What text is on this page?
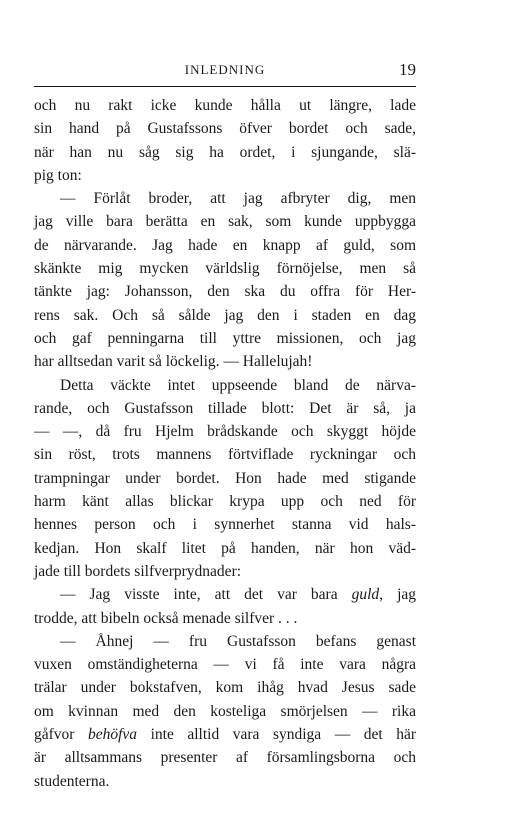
INLEDNING	19
och nu rakt icke kunde hålla ut längre, lade
sin hand på Gustafssons öfver bordet och sade,
när han nu såg sig ha ordet, i sjungande, slä-
pig ton:
— Förlåt broder, att jag afbryter dig, men
jag ville bara berätta en sak, som kunde uppbygga
de närvarande. Jag hade en knapp af guld, som
skänkte mig mycken världslig förnöjelse, men så
tänkte jag: Johansson, den ska du offra för Her-
rens sak. Och så sålde jag den i staden en dag
och gaf penningarna till yttre missionen, och jag
har alltsedan varit så löckelig. — Hallelujah!
Detta väckte intet uppseende bland de närva-
rande, och Gustafsson tillade blott: Det är så, ja
— —, då fru Hjelm brådskande och skyggt höjde
sin röst, trots mannens förtviflade ryckningar och
trampningar under bordet. Hon hade med stigande
harm känt allas blickar krypa upp och ned för
hennes person och i synnerhet stanna vid hals-
kedjan. Hon skalf litet på handen, när hon väd-
jade till bordets silfverprydnader:
— Jag visste inte, att det var bara guld, jag
trodde, att bibeln också menade silfver . . .
— Åhnej — fru Gustafsson befans genast
vuxen omständigheterna — vi få inte vara några
trälar under bokstafven, kom ihåg hvad Jesus sade
om kvinnan med den kosteliga smörjelsen — rika
gåfvor behöfva inte alltid vara syndiga — det här
är alltsammans presenter af församlingsborna och
studenterna.
